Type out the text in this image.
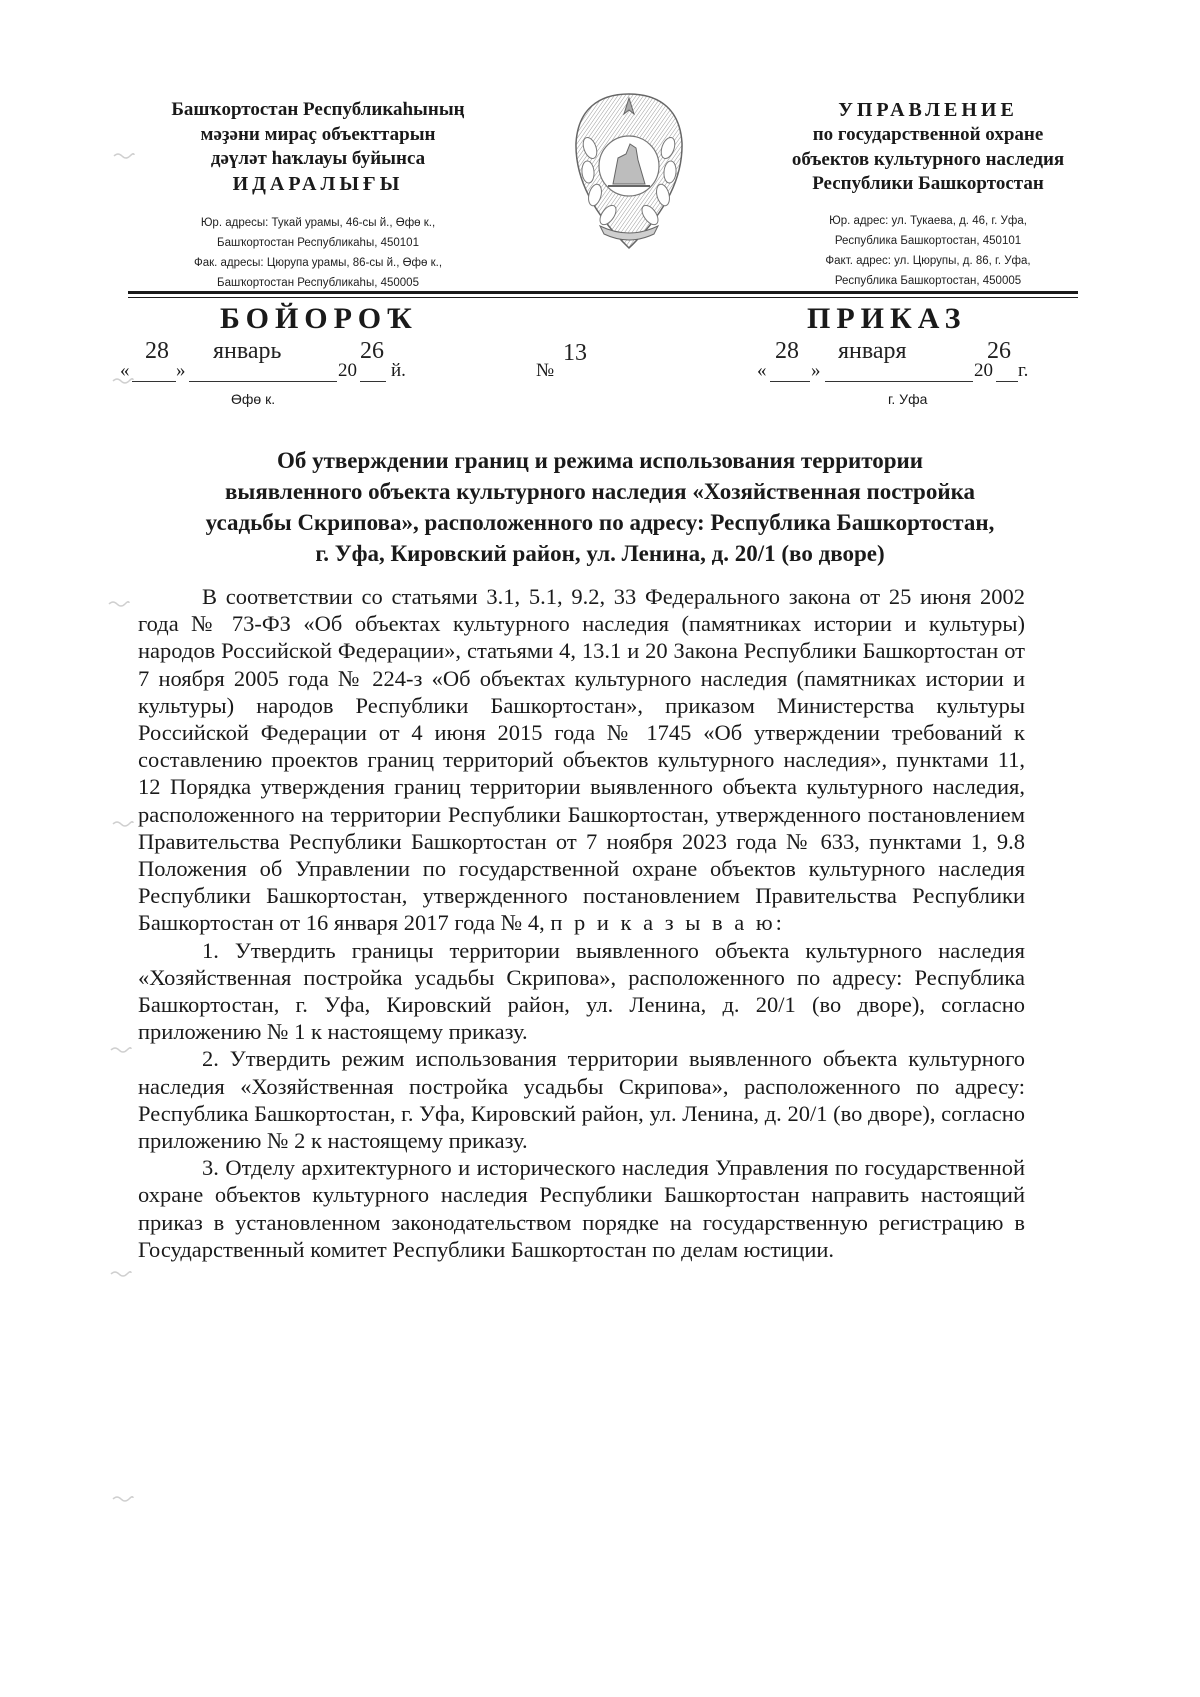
Башҡортостан Республикаһының
мәҙәни мираҫ объекттарын
дәүләт һаҡлауы буйынса
ИДАРАЛЫҒЫ
Юр. адресы: Тукай урамы, 46-сы й., Өфө к.,
Башҡортостан Республикаһы, 450101
Фак. адресы: Цюрупа урамы, 86-сы й., Өфө к.,
Башҡортостан Республикаһы, 450005
УПРАВЛЕНИЕ
по государственной охране
объектов культурного наследия
Республики Башкортостан
Юр. адрес: ул. Тукаева, д. 46, г. Уфа,
Республика Башкортостан, 450101
Факт. адрес: ул. Цюрупы, д. 86, г. Уфа,
Республика Башкортостан, 450005
БОЙОРОҠ	ПРИКАЗ
«
28
»
январь
20
26
й.	№
13
«
28
»
января
20
26
г.
Өфө к.	г. Уфа
Об утверждении границ и режима использования территории
выявленного объекта культурного наследия «Хозяйственная постройка
усадьбы Скрипова», расположенного по адресу: Республика Башкортостан,
г. Уфа, Кировский район, ул. Ленина, д. 20/1 (во дворе)

В соответствии со статьями 3.1, 5.1, 9.2, 33 Федерального закона от 25 июня 2002 года № 73-ФЗ «Об объектах культурного наследия (памятниках истории и культуры) народов Российской Федерации», статьями 4, 13.1 и 20 Закона Республики Башкортостан от 7 ноября 2005 года № 224-з «Об объектах культурного наследия (памятниках истории и культуры) народов Республики Башкортостан», приказом Министерства культуры Российской Федерации от 4 июня 2015 года № 1745 «Об утверждении требований к составлению проектов границ территорий объектов культурного наследия», пунктами 11, 12 Порядка утверждения границ территории выявленного объекта культурного наследия, расположенного на территории Республики Башкортостан, утвержденного постановлением Правительства Республики Башкортостан от 7 ноября 2023 года № 633, пунктами 1, 9.8 Положения об Управлении по государственной охране объектов культурного наследия Республики Башкортостан, утвержденного постановлением Правительства Республики Башкортостан от 16 января 2017 года № 4, п р и к а з ы в а ю:

1. Утвердить границы территории выявленного объекта культурного наследия «Хозяйственная постройка усадьбы Скрипова», расположенного по адресу: Республика Башкортостан, г. Уфа, Кировский район, ул. Ленина, д. 20/1 (во дворе), согласно приложению № 1 к настоящему приказу.

2. Утвердить режим использования территории выявленного объекта культурного наследия «Хозяйственная постройка усадьбы Скрипова», расположенного по адресу: Республика Башкортостан, г. Уфа, Кировский район, ул. Ленина, д. 20/1 (во дворе), согласно приложению № 2 к настоящему приказу.

3. Отделу архитектурного и исторического наследия Управления по государственной охране объектов культурного наследия Республики Башкортостан направить настоящий приказ в установленном законодательством порядке на государственную регистрацию в Государственный комитет Республики Башкортостан по делам юстиции.
